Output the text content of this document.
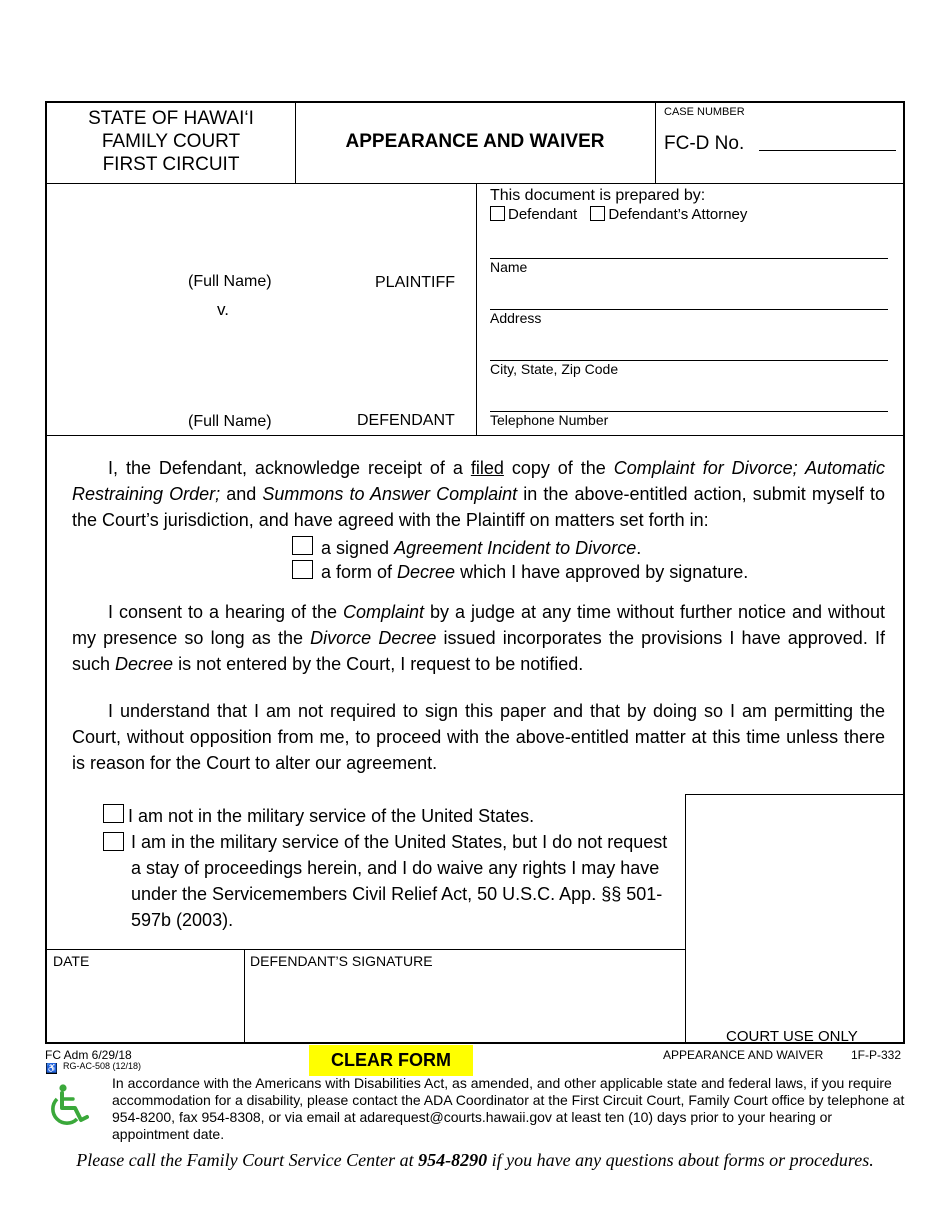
STATE OF HAWAI‘I
FAMILY COURT
FIRST CIRCUIT
APPEARANCE AND WAIVER
CASE NUMBER
FC-D No.
(Full Name)
v.
PLAINTIFF
(Full Name)	DEFENDANT
This document is prepared by:
Defendant Defendant’s Attorney
Name
Address
City, State, Zip Code
Telephone Number
I, the Defendant, acknowledge receipt of a filed copy of the Complaint for Divorce; Automatic Restraining Order; and Summons to Answer Complaint in the above-entitled action, submit myself to the Court’s jurisdiction, and have agreed with the Plaintiff on matters set forth in:
a signed Agreement Incident to Divorce.
a form of Decree which I have approved by signature.
I consent to a hearing of the Complaint by a judge at any time without further notice and without my presence so long as the Divorce Decree issued incorporates the provisions I have approved. If such Decree is not entered by the Court, I request to be notified.
I understand that I am not required to sign this paper and that by doing so I am permitting the Court, without opposition from me, to proceed with the above-entitled matter at this time unless there is reason for the Court to alter our agreement.
I am not in the military service of the United States.
I am in the military service of the United States, but I do not request a stay of proceedings herein, and I do waive any rights I may have under the Servicemembers Civil Relief Act, 50 U.S.C. App. §§ 501-597b (2003).
DATE	DEFENDANT’S SIGNATURE
COURT USE ONLY
FC Adm 6/29/18
♿ RG-AC-508 (12/18)	CLEAR FORM	APPEARANCE AND WAIVER 1F-P-332
In accordance with the Americans with Disabilities Act, as amended, and other applicable state and federal laws, if you require accommodation for a disability, please contact the ADA Coordinator at the First Circuit Court, Family Court office by telephone at 954-8200, fax 954-8308, or via email at adarequest@courts.hawaii.gov at least ten (10) days prior to your hearing or appointment date.
Please call the Family Court Service Center at 954-8290 if you have any questions about forms or procedures.
